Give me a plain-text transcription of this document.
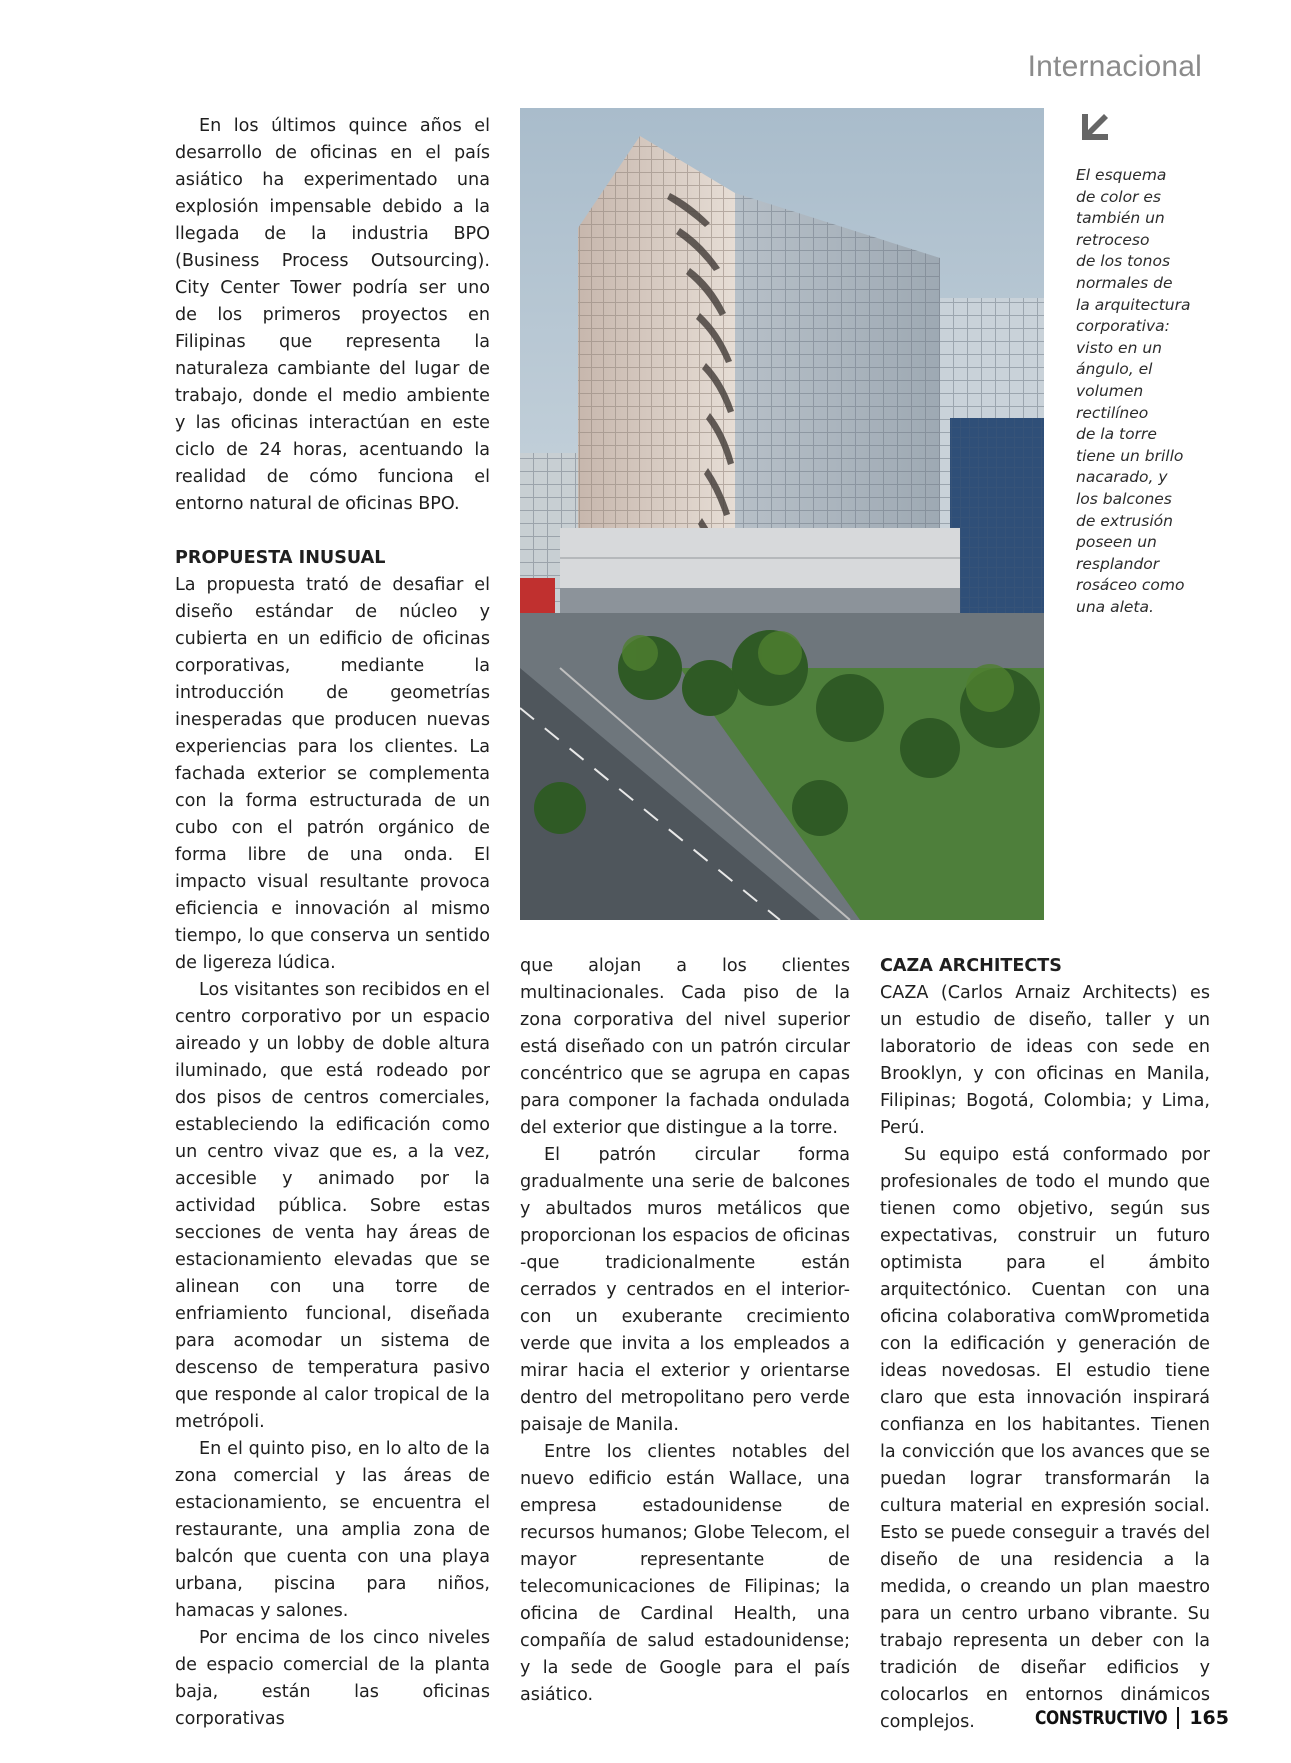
Internacional
El esquema
de color es
también un
retroceso
de los tonos
normales de
la arquitectura
corporativa:
visto en un
ángulo, el
volumen
rectilíneo
de la torre
tiene un brillo
nacarado, y
los balcones
de extrusión
poseen un
resplandor
rosáceo como
una aleta.

En los últimos quince años el desarrollo de oficinas en el país asiático ha experimentado una explosión impensable debido a la llegada de la industria BPO (Business Process Outsourcing). City Center Tower podría ser uno de los primeros proyectos en Filipinas que representa la naturaleza cambiante del lugar de trabajo, donde el medio ambiente y las oficinas interactúan en este ciclo de 24 horas, acentuando la realidad de cómo funciona el entorno natural de oficinas BPO.

PROPUESTA INUSUAL

La propuesta trató de desafiar el diseño estándar de núcleo y cubierta en un edificio de oficinas corporativas, mediante la introducción de geometrías inesperadas que producen nuevas experiencias para los clientes. La fachada exterior se complementa con la forma estructurada de un cubo con el patrón orgánico de forma libre de una onda. El impacto visual resultante provoca eficiencia e innovación al mismo tiempo, lo que conserva un sentido de ligereza lúdica.

Los visitantes son recibidos en el centro corporativo por un espacio aireado y un lobby de doble altura iluminado, que está rodeado por dos pisos de centros comerciales, estableciendo la edificación como un centro vivaz que es, a la vez, accesible y animado por la actividad pública. Sobre estas secciones de venta hay áreas de estacionamiento elevadas que se alinean con una torre de enfriamiento funcional, diseñada para acomodar un sistema de descenso de temperatura pasivo que responde al calor tropical de la metrópoli.

En el quinto piso, en lo alto de la zona comercial y las áreas de estacionamiento, se encuentra el restaurante, una amplia zona de balcón que cuenta con una playa urbana, piscina para niños, hamacas y salones.

Por encima de los cinco niveles de espacio comercial de la planta baja, están las oficinas corporativas

que alojan a los clientes multinacionales. Cada piso de la zona corporativa del nivel superior está diseñado con un patrón circular concéntrico que se agrupa en capas para componer la fachada ondulada del exterior que distingue a la torre.

El patrón circular forma gradualmente una serie de balcones y abultados muros metálicos que proporcionan los espacios de oficinas -que tradicionalmente están cerrados y centrados en el interior- con un exuberante crecimiento verde que invita a los empleados a mirar hacia el exterior y orientarse dentro del metropolitano pero verde paisaje de Manila.

Entre los clientes notables del nuevo edificio están Wallace, una empresa estadounidense de recursos humanos; Globe Telecom, el mayor representante de telecomunicaciones de Filipinas; la oficina de Cardinal Health, una compañía de salud estadounidense; y la sede de Google para el país asiático.

CAZA ARCHITECTS

CAZA (Carlos Arnaiz Architects) es un estudio de diseño, taller y un laboratorio de ideas con sede en Brooklyn, y con oficinas en Manila, Filipinas; Bogotá, Colombia; y Lima, Perú.

Su equipo está conformado por profesionales de todo el mundo que tienen como objetivo, según sus expectativas, construir un futuro optimista para el ámbito arquitectónico. Cuentan con una oficina colaborativa comWprometida con la edificación y generación de ideas novedosas. El estudio tiene claro que esta innovación inspirará confianza en los habitantes. Tienen la convicción que los avances que se puedan lograr transformarán la cultura material en expresión social. Esto se puede conseguir a través del diseño de una residencia a la medida, o creando un plan maestro para un centro urbano vibrante. Su trabajo representa un deber con la tradición de diseñar edificios y colocarlos en entornos dinámicos complejos.	CONSTRUCTIVO 165
